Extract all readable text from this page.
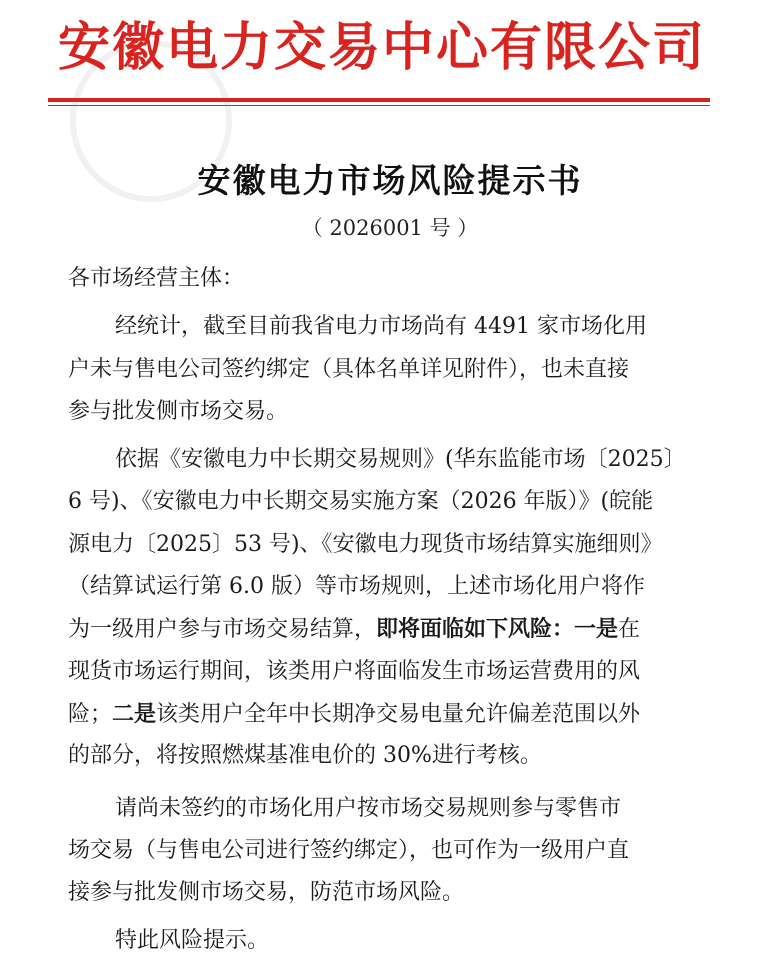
安徽电力交易中心有限公司
安徽电力市场风险提示书
（ 2026001 号 ）
各市场经营主体：
经统计，截至目前我省电力市场尚有 4491 家市场化用
户未与售电公司签约绑定（具体名单详见附件），也未直接
参与批发侧市场交易。
依据《安徽电力中长期交易规则》(华东监能市场〔2025〕
6 号)、《安徽电力中长期交易实施方案（2026 年版）》(皖能
源电力〔2025〕53 号)、《安徽电力现货市场结算实施细则》
（结算试运行第 6.0 版）等市场规则，上述市场化用户将作
为一级用户参与市场交易结算，即将面临如下风险：一是在
现货市场运行期间，该类用户将面临发生市场运营费用的风
险；二是该类用户全年中长期净交易电量允许偏差范围以外
的部分，将按照燃煤基准电价的 30%进行考核。
请尚未签约的市场化用户按市场交易规则参与零售市
场交易（与售电公司进行签约绑定），也可作为一级用户直
接参与批发侧市场交易，防范市场风险。
特此风险提示。
